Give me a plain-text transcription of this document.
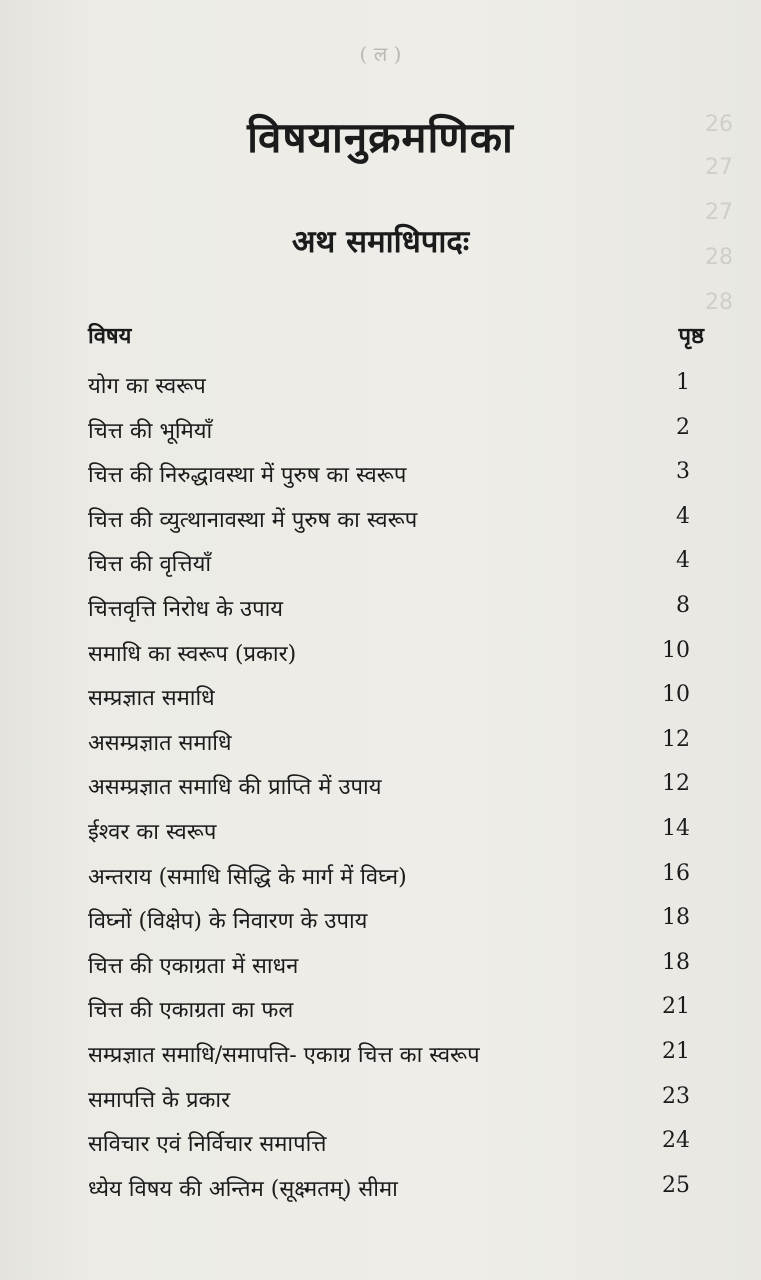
( ल )
26
27
27
28
28
विषयानुक्रमणिका
अथ समाधिपादः
विषय	पृष्ठ
योग का स्वरूप	1
चित्त की भूमियाँ	2
चित्त की निरुद्धावस्था में पुरुष का स्वरूप	3
चित्त की व्युत्थानावस्था में पुरुष का स्वरूप	4
चित्त की वृत्तियाँ	4
चित्तवृत्ति निरोध के उपाय	8
समाधि का स्वरूप (प्रकार)	10
सम्प्रज्ञात समाधि	10
असम्प्रज्ञात समाधि	12
असम्प्रज्ञात समाधि की प्राप्ति में उपाय	12
ईश्वर का स्वरूप	14
अन्तराय (समाधि सिद्धि के मार्ग में विघ्न)	16
विघ्नों (विक्षेप) के निवारण के उपाय	18
चित्त की एकाग्रता में साधन	18
चित्त की एकाग्रता का फल	21
सम्प्रज्ञात समाधि/समापत्ति- एकाग्र चित्त का स्वरूप	21
समापत्ति के प्रकार	23
सविचार एवं निर्विचार समापत्ति	24
ध्येय विषय की अन्तिम (सूक्ष्मतम्) सीमा	25
